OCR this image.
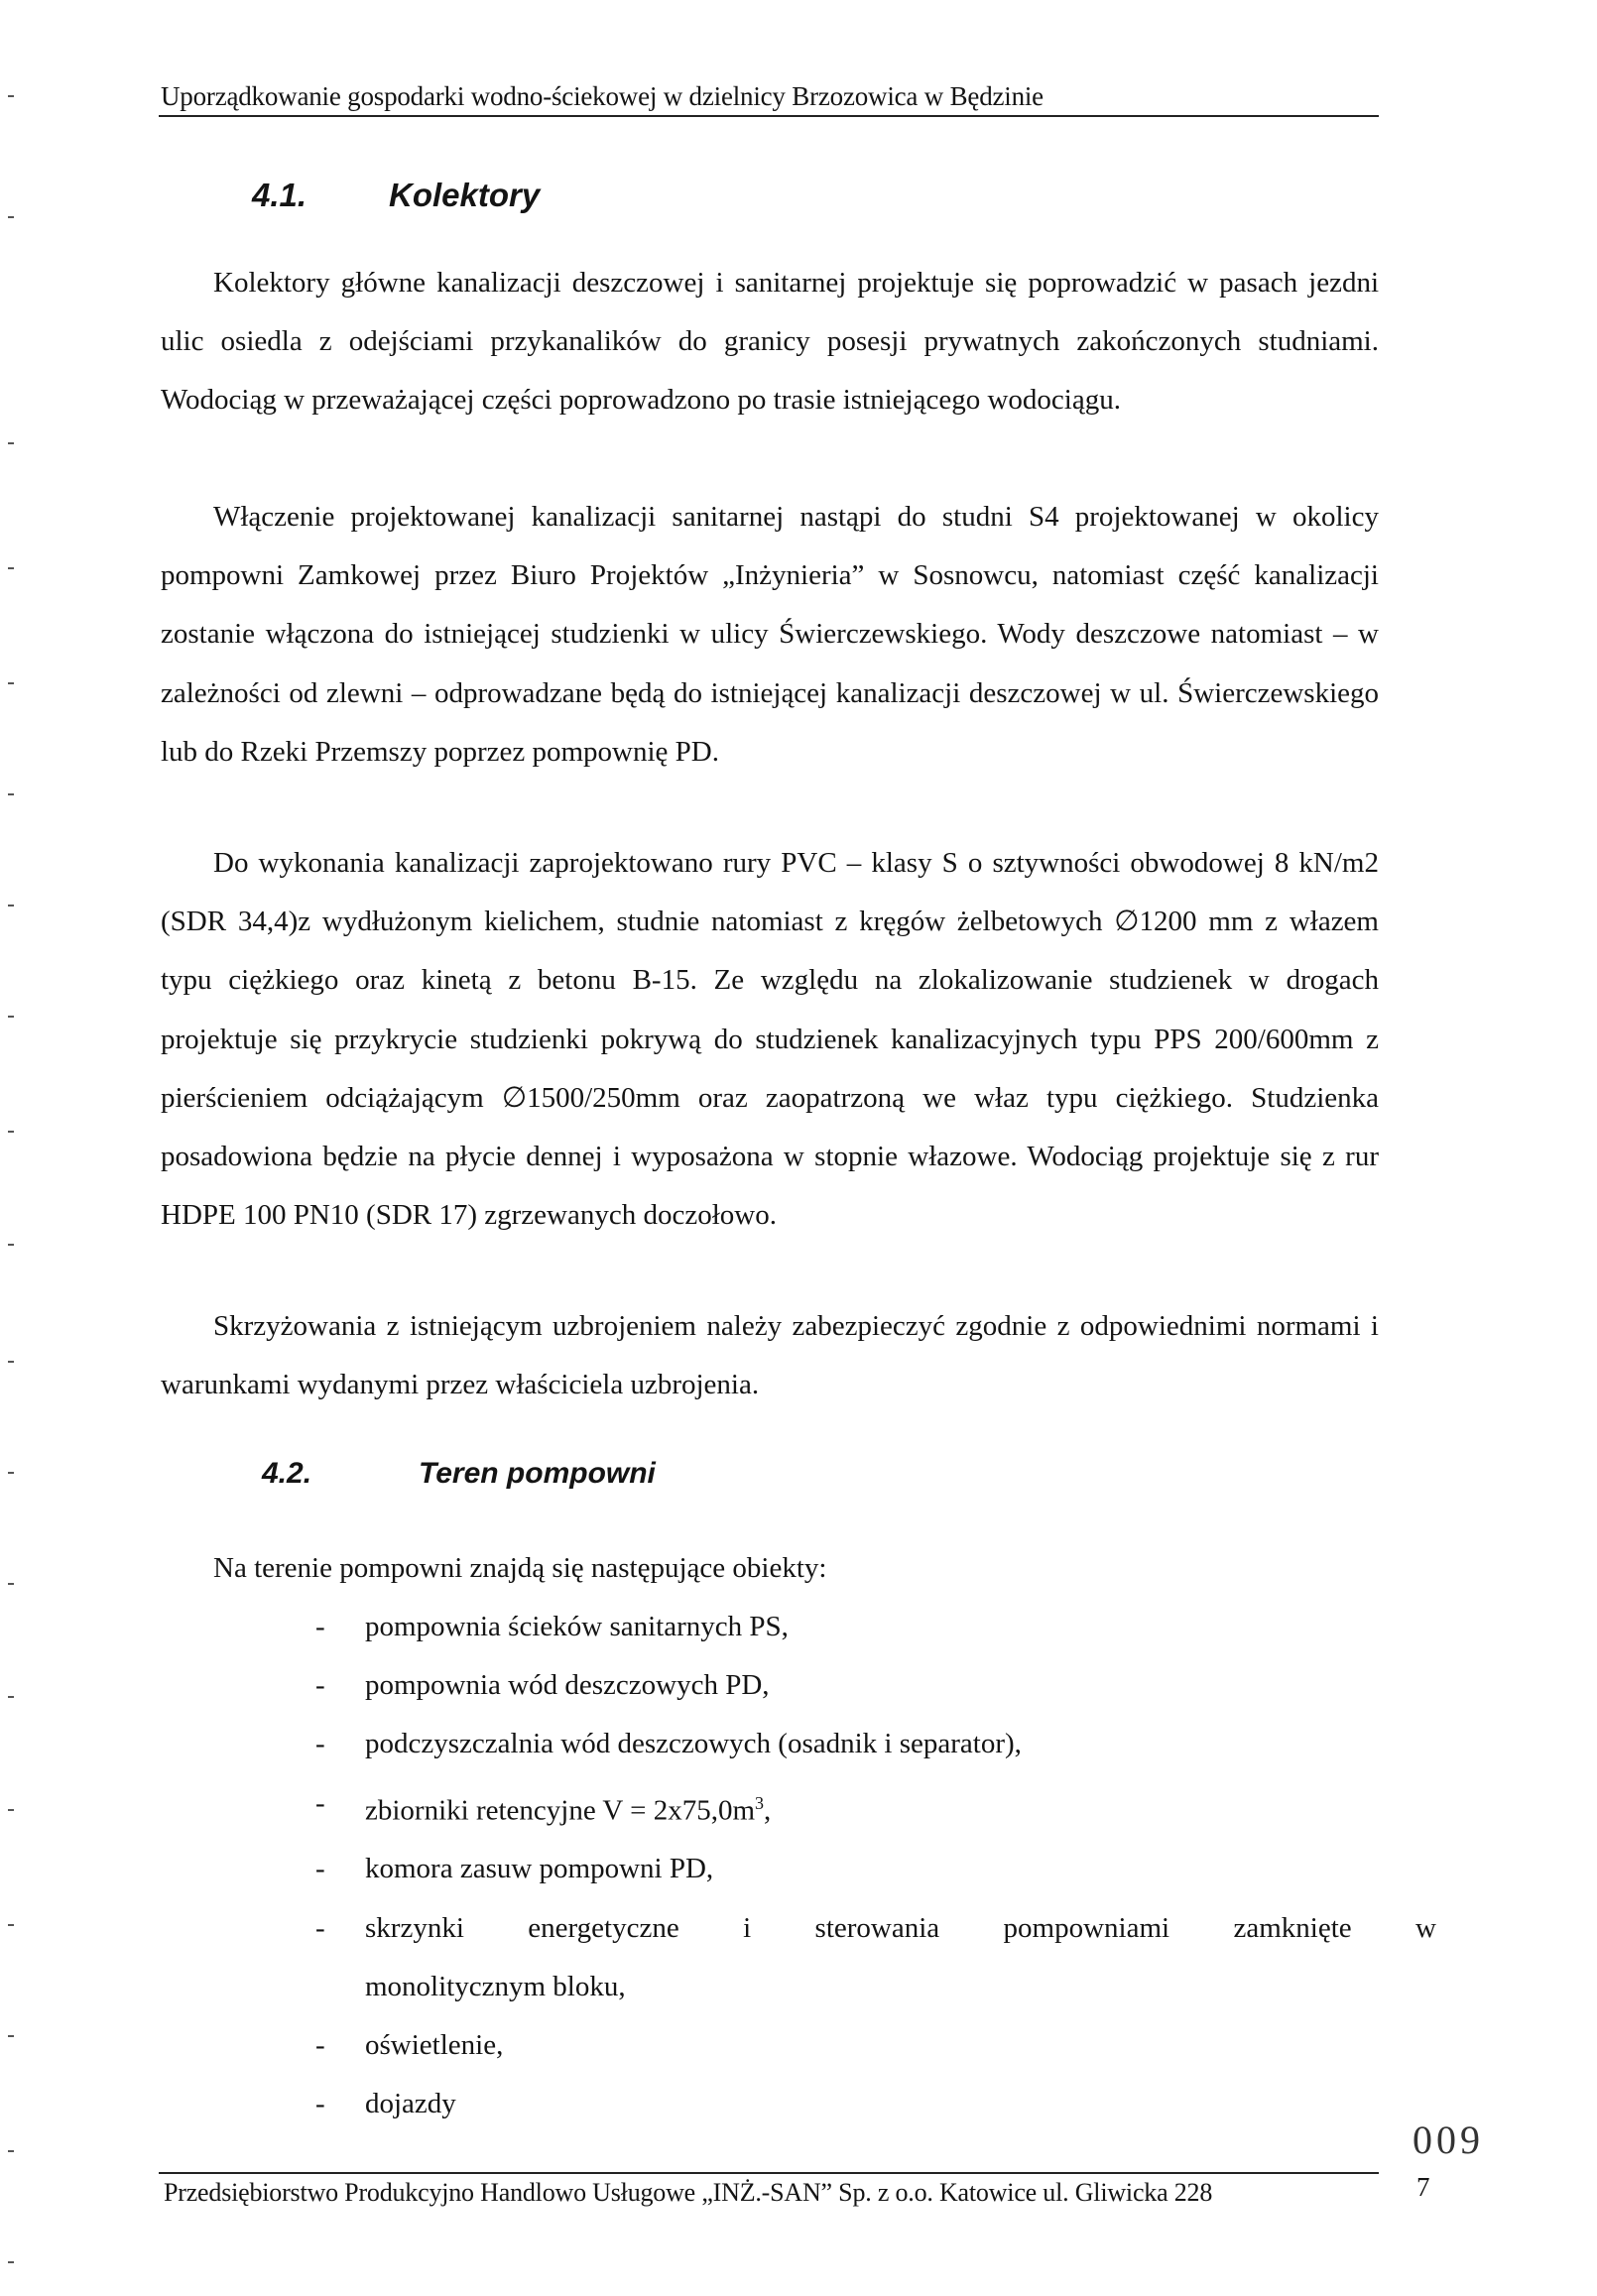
Uporządkowanie gospodarki wodno-ściekowej w dzielnicy Brzozowica w Będzinie
4.1.	Kolektory

Kolektory główne kanalizacji deszczowej i sanitarnej projektuje się poprowadzić w pasach jezdni ulic osiedla z odejściami przykanalików do granicy posesji prywatnych zakończonych studniami. Wodociąg w przeważającej części poprowadzono po trasie istniejącego wodociągu.

Włączenie projektowanej kanalizacji sanitarnej nastąpi do studni S4 projektowanej w okolicy pompowni Zamkowej przez Biuro Projektów „Inżynieria” w Sosnowcu, natomiast część kanalizacji zostanie włączona do istniejącej studzienki w ulicy Świerczewskiego. Wody deszczowe natomiast – w zależności od zlewni – odprowadzane będą do istniejącej kanalizacji deszczowej w ul. Świerczewskiego lub do Rzeki Przemszy poprzez pompownię PD.

Do wykonania kanalizacji zaprojektowano rury PVC – klasy S o sztywności obwodowej 8 kN/m2 (SDR 34,4)z wydłużonym kielichem, studnie natomiast z kręgów żelbetowych ∅1200 mm z włazem typu ciężkiego oraz kinetą z betonu B-15. Ze względu na zlokalizowanie studzienek w drogach projektuje się przykrycie studzienki pokrywą do studzienek kanalizacyjnych typu PPS 200/600mm z pierścieniem odciążającym ∅1500/250mm oraz zaopatrzoną we właz typu ciężkiego. Studzienka posadowiona będzie na płycie dennej i wyposażona w stopnie włazowe. Wodociąg projektuje się z rur HDPE 100 PN10 (SDR 17) zgrzewanych doczołowo.

Skrzyżowania z istniejącym uzbrojeniem należy zabezpieczyć zgodnie z odpowiednimi normami i warunkami wydanymi przez właściciela uzbrojenia.

4.2.	Teren pompowni

Na terenie pompowni znajdą się następujące obiekty:

- pompownia ścieków sanitarnych PS,
- pompownia wód deszczowych PD,
- podczyszczalnia wód deszczowych (osadnik i separator),
- zbiorniki retencyjne $V = 2x75,0m^3$,
- komora zasuw pompowni PD,
- skrzynki energetyczne i sterowania pompowniami zamknięte w
monolitycznym bloku,
- oświetlenie,
- dojazdy
009
Przedsiębiorstwo Produkcyjno Handlowo Usługowe „INŻ.-SAN” Sp. z o.o. Katowice ul. Gliwicka 228	7
